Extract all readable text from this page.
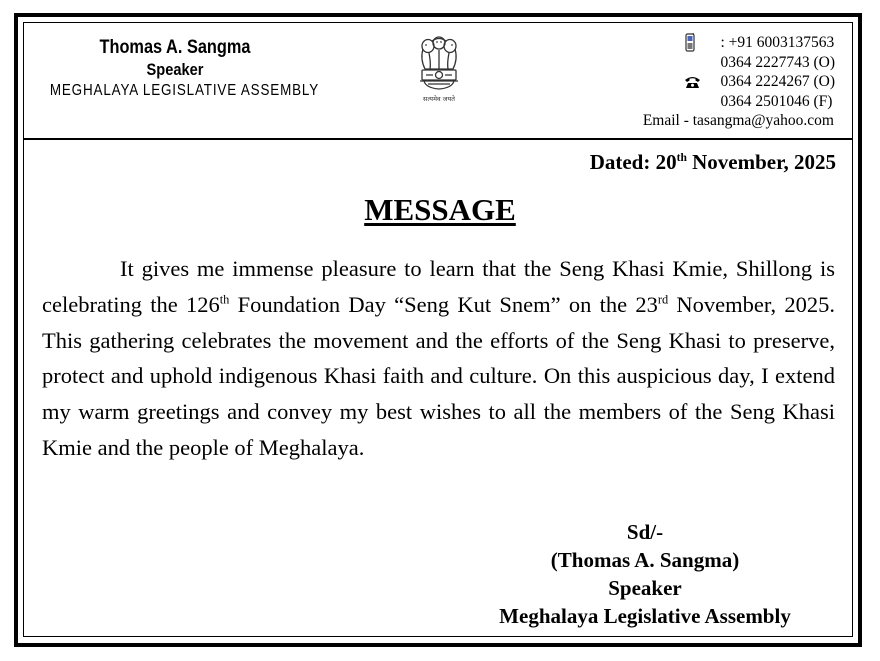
Thomas A. Sangma
Speaker
MEGHALAYA LEGISLATIVE ASSEMBLY	सत्यमेव जयते
: +91 6003137563
0364 2227743 (O)
0364 2224267 (O)
0364 2501046 (F)
Email - tasangma@yahoo.com
Dated: 20th November, 2025
MESSAGE

It gives me immense pleasure to learn that the Seng Khasi Kmie, Shillong is celebrating the 126th Foundation Day “Seng Kut Snem” on the 23rd November, 2025. This gathering celebrates the movement and the efforts of the Seng Khasi to preserve, protect and uphold indigenous Khasi faith and culture. On this auspicious day, I extend my warm greetings and convey my best wishes to all the members of the Seng Khasi Kmie and the people of Meghalaya.

Sd/-
(Thomas A. Sangma)
Speaker
Meghalaya Legislative Assembly
